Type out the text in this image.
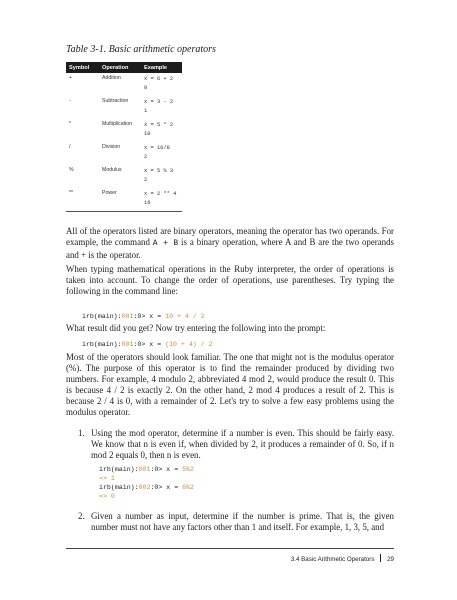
Table 3-1. Basic arithmetic operators
Symbol	Operation	Example
+	Addition	x = 6 + 2
8

-	Subtraction	x = 3 - 2
1

*	Multiplication	x = 5 * 2
10

/	Division	x = 16/8
2

%	Modulus	x = 5 % 3
2

**	Power	x = 2 ** 4
16

All of the operators listed are binary operators, meaning the operator has two operands. For example, the command A + B is a binary operation, where A and B are the two operands and + is the operator.

When typing mathematical operations in the Ruby interpreter, the order of operations is taken into account. To change the order of operations, use parentheses. Try typing the following in the command line:

irb(main):001:0> x = 10 + 4 / 2

What result did you get? Now try entering the following into the prompt:

irb(main):001:0> x = (10 + 4) / 2

Most of the operators should look familiar. The one that might not is the modulus operator (%). The purpose of this operator is to find the remainder produced by dividing two numbers. For example, 4 modulo 2, abbreviated 4 mod 2, would produce the result 0. This is because 4 / 2 is exactly 2. On the other hand, 2 mod 4 produces a result of 2. This is because 2 / 4 is 0, with a remainder of 2. Let's try to solve a few easy problems using the modulus operator.

1. Using the mod operator, determine if a number is even. This should be fairly easy. We know that n is even if, when divided by 2, it produces a remainder of 0. So, if n mod 2 equals 0, then n is even.

irb(main):001:0> x = 5%2
=> 1
irb(main):002:0> x = 6%2
=> 0
2. Given a number as input, determine if the number is prime. That is, the given number must not have any factors other than 1 and itself. For example, 1, 3, 5, and

3.4 Basic Arithmetic Operators 29
